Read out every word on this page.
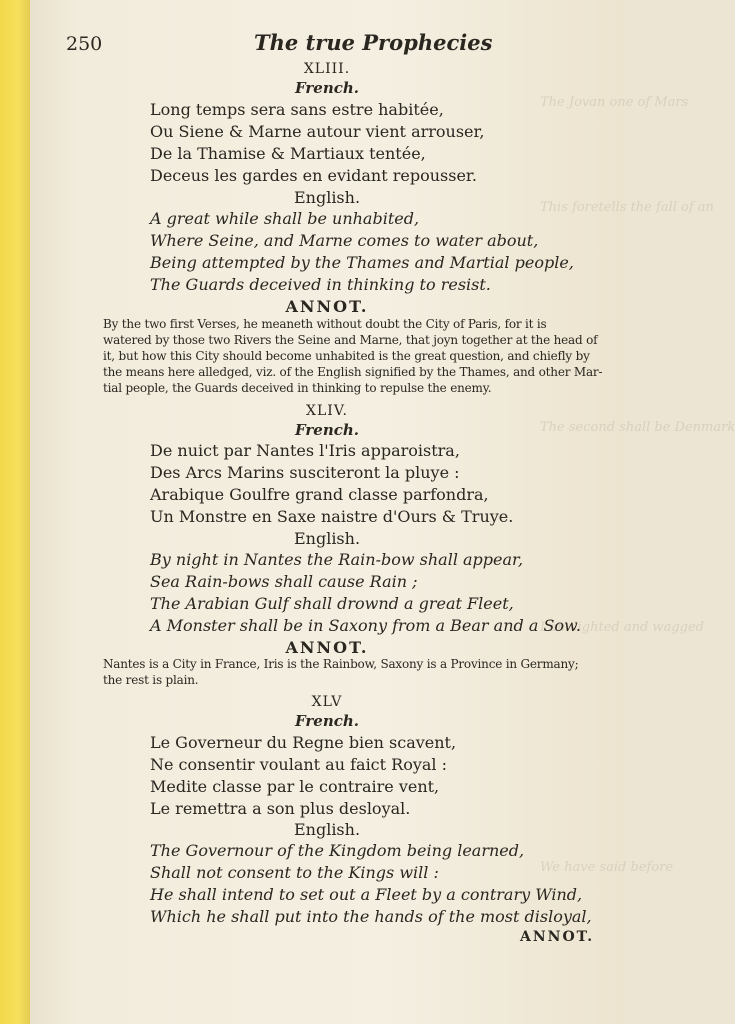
The Jovan one of Mars
This foretells the fall of an
The second shall be Denmark
I am lighted and wagged
We have said before
250	The true Prophecies
XLIII.
French.
Long temps sera sans estre habitée,
Ou Siene & Marne autour vient arrouser,
De la Thamise & Martiaux tentée,
Deceus les gardes en evidant repousser.
English.
A great while shall be unhabited,
Where Seine, and Marne comes to water about,
Being attempted by the Thames and Martial people,
The Guards deceived in thinking to resist.
ANNOT.
By the two first Verses, he meaneth without doubt the City of Paris, for it is
watered by those two Rivers the Seine and Marne, that joyn together at the head of
it, but how this City should become unhabited is the great question, and chiefly by
the means here alledged, viz. of the English signified by the Thames, and other Mar-
tial people, the Guards deceived in thinking to repulse the enemy.
XLIV.
French.
De nuict par Nantes l'Iris apparoistra,
Des Arcs Marins susciteront la pluye :
Arabique Goulfre grand classe parfondra,
Un Monstre en Saxe naistre d'Ours & Truye.
English.
By night in Nantes the Rain-bow shall appear,
Sea Rain-bows shall cause Rain ;
The Arabian Gulf shall drownd a great Fleet,
A Monster shall be in Saxony from a Bear and a Sow.
ANNOT.
Nantes is a City in France, Iris is the Rainbow, Saxony is a Province in Germany;
the rest is plain.
XLV
French.
Le Governeur du Regne bien scavent,
Ne consentir voulant au faict Royal :
Medite classe par le contraire vent,
Le remettra a son plus desloyal.
English.
The Governour of the Kingdom being learned,
Shall not consent to the Kings will :
He shall intend to set out a Fleet by a contrary Wind,
Which he shall put into the hands of the most disloyal,
ANNOT.
